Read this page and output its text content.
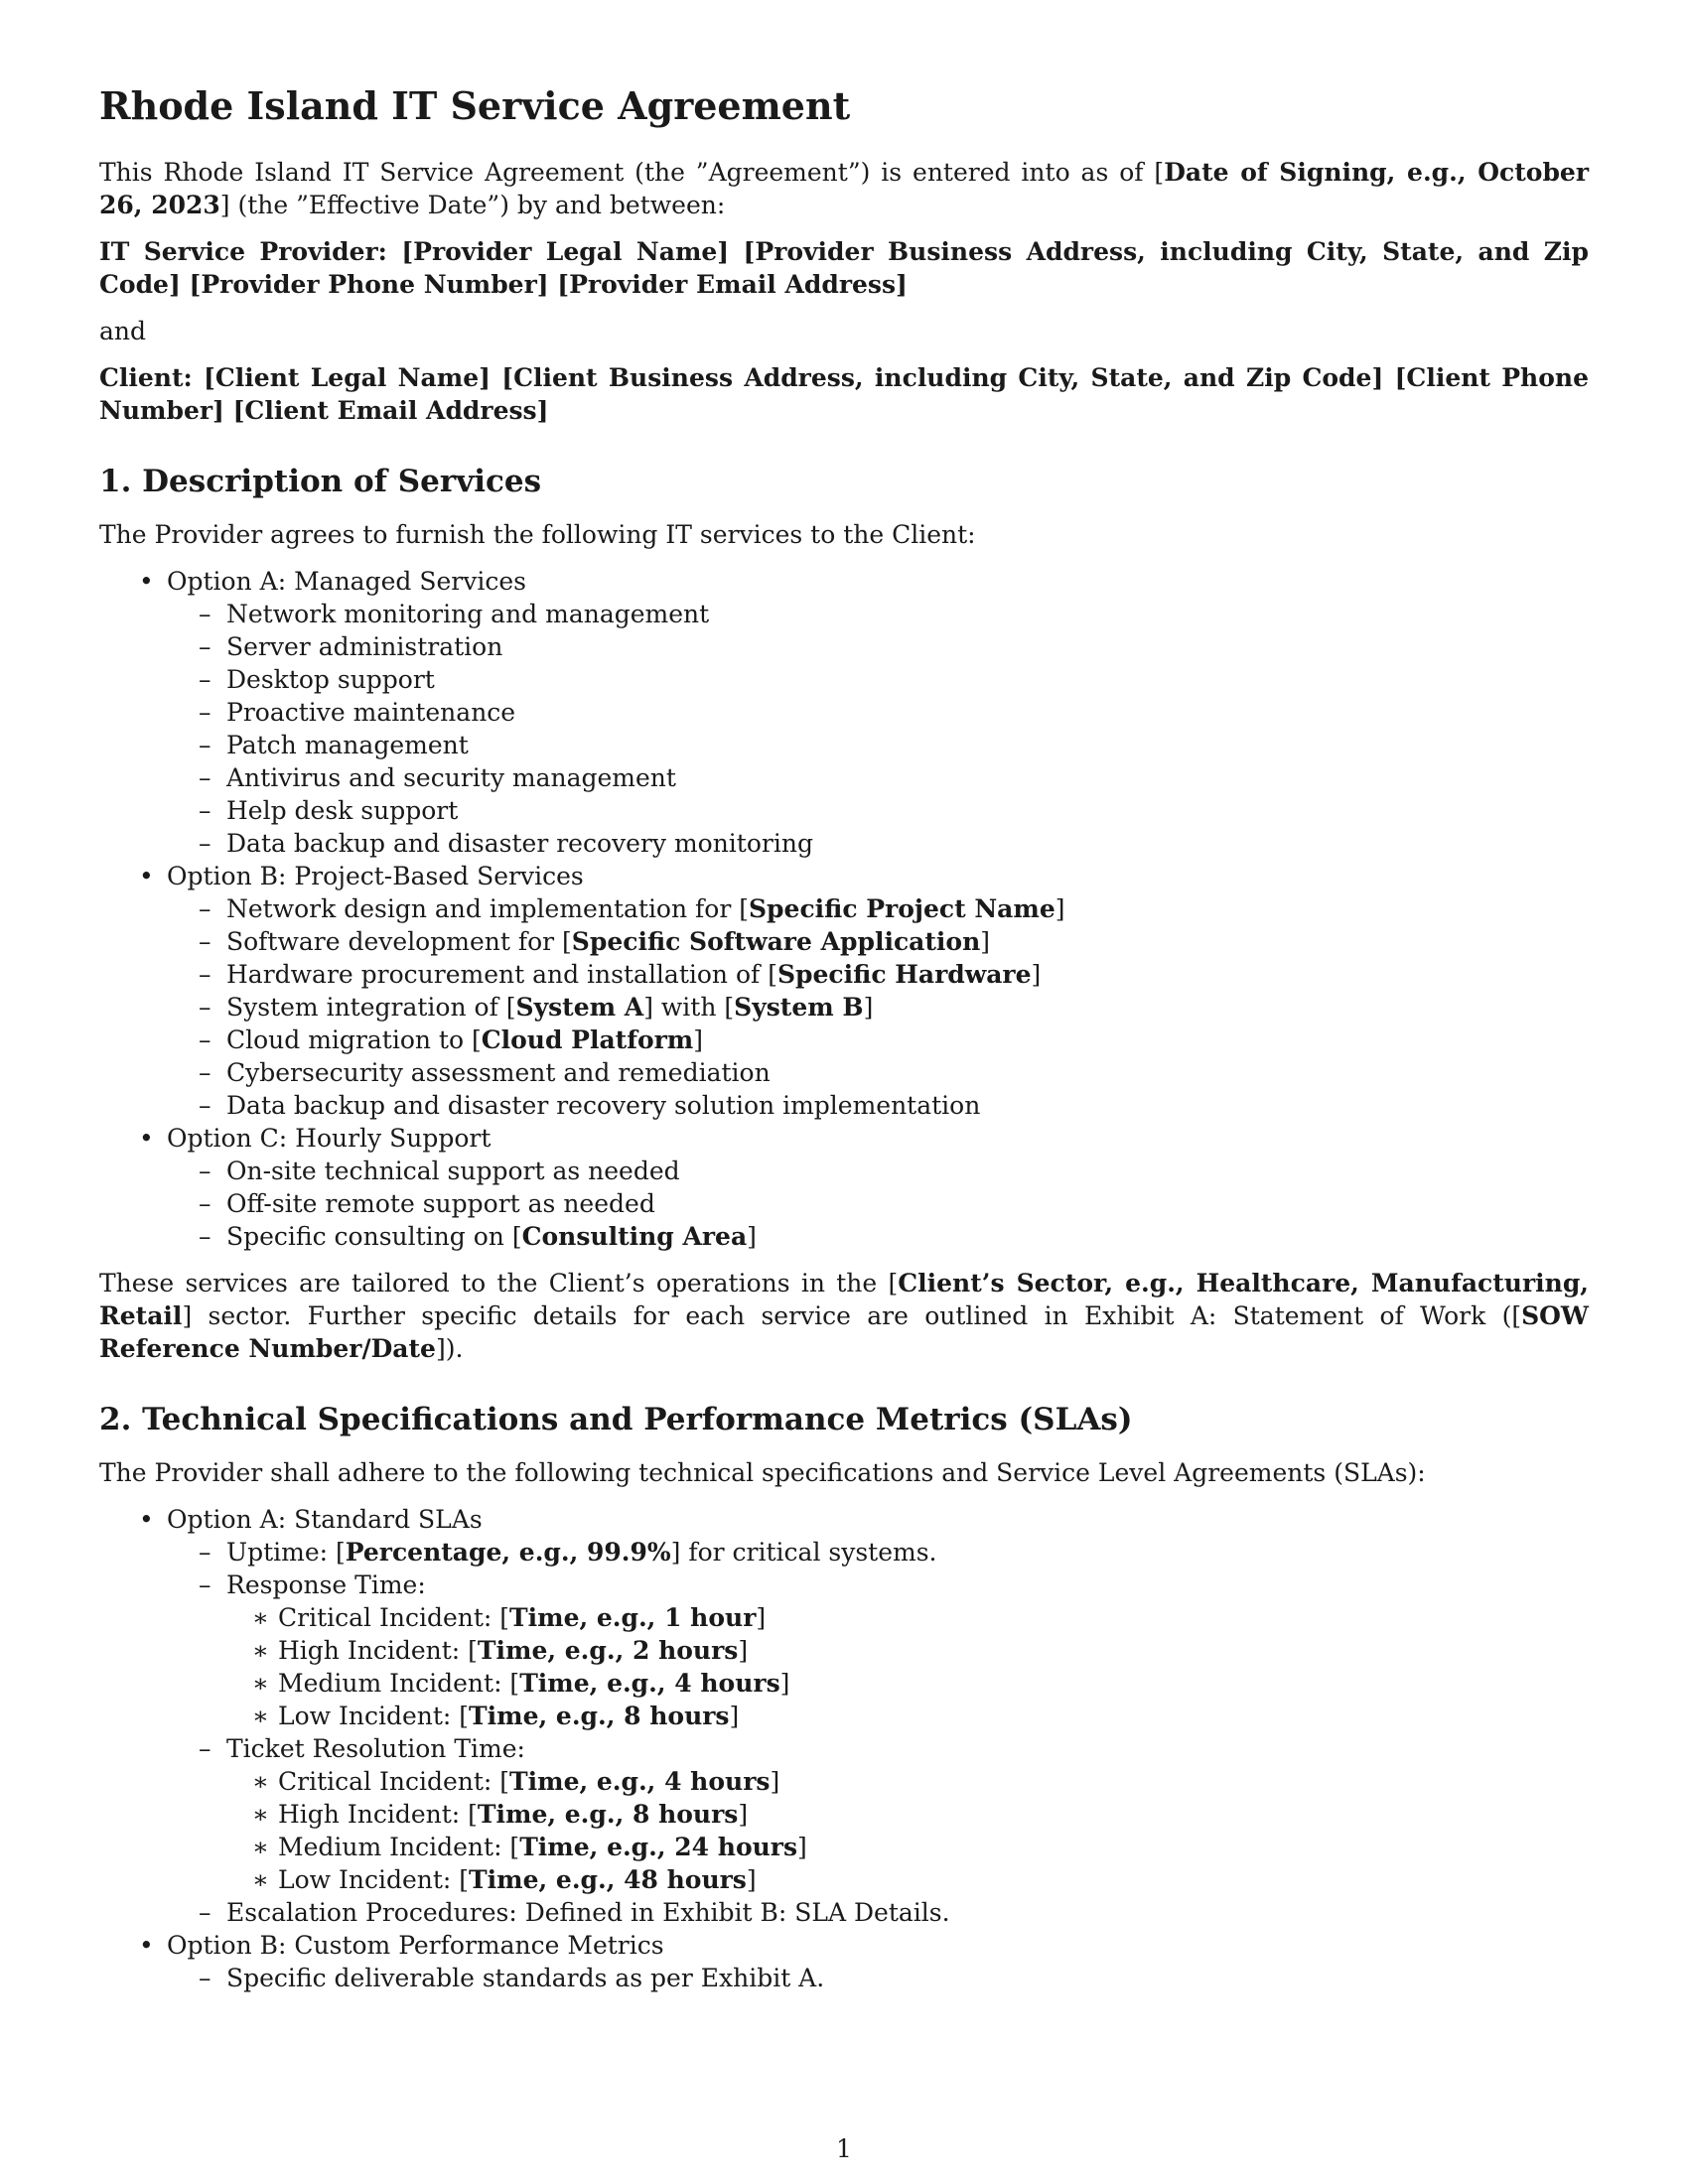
Rhode Island IT Service Agreement

This Rhode Island IT Service Agreement (the ”Agreement”) is entered into as of [Date of Signing, e.g., October 26, 2023] (the ”Effective Date”) by and between:

IT Service Provider: [Provider Legal Name] [Provider Business Address, including City, State, and Zip Code] [Provider Phone Number] [Provider Email Address]

and

Client: [Client Legal Name] [Client Business Address, including City, State, and Zip Code] [Client Phone Number] [Client Email Address]

1. Description of Services

The Provider agrees to furnish the following IT services to the Client:

• Option A: Managed Services
– Network monitoring and management
– Server administration
– Desktop support
– Proactive maintenance
– Patch management
– Antivirus and security management
– Help desk support
– Data backup and disaster recovery monitoring
• Option B: Project-Based Services
– Network design and implementation for [Specific Project Name]
– Software development for [Specific Software Application]
– Hardware procurement and installation of [Specific Hardware]
– System integration of [System A] with [System B]
– Cloud migration to [Cloud Platform]
– Cybersecurity assessment and remediation
– Data backup and disaster recovery solution implementation
• Option C: Hourly Support
– On-site technical support as needed
– Off-site remote support as needed
– Specific consulting on [Consulting Area]

These services are tailored to the Client’s operations in the [Client’s Sector, e.g., Healthcare, Manufacturing, Retail] sector. Further specific details for each service are outlined in Exhibit A: Statement of Work ([SOW Reference Number/Date]).

2. Technical Specifications and Performance Metrics (SLAs)

The Provider shall adhere to the following technical specifications and Service Level Agreements (SLAs):

• Option A: Standard SLAs
– Uptime: [Percentage, e.g., 99.9%] for critical systems.
– Response Time:
∗ Critical Incident: [Time, e.g., 1 hour]
∗ High Incident: [Time, e.g., 2 hours]
∗ Medium Incident: [Time, e.g., 4 hours]
∗ Low Incident: [Time, e.g., 8 hours]
– Ticket Resolution Time:
∗ Critical Incident: [Time, e.g., 4 hours]
∗ High Incident: [Time, e.g., 8 hours]
∗ Medium Incident: [Time, e.g., 24 hours]
∗ Low Incident: [Time, e.g., 48 hours]
– Escalation Procedures: Defined in Exhibit B: SLA Details.
• Option B: Custom Performance Metrics
– Specific deliverable standards as per Exhibit A.
1
